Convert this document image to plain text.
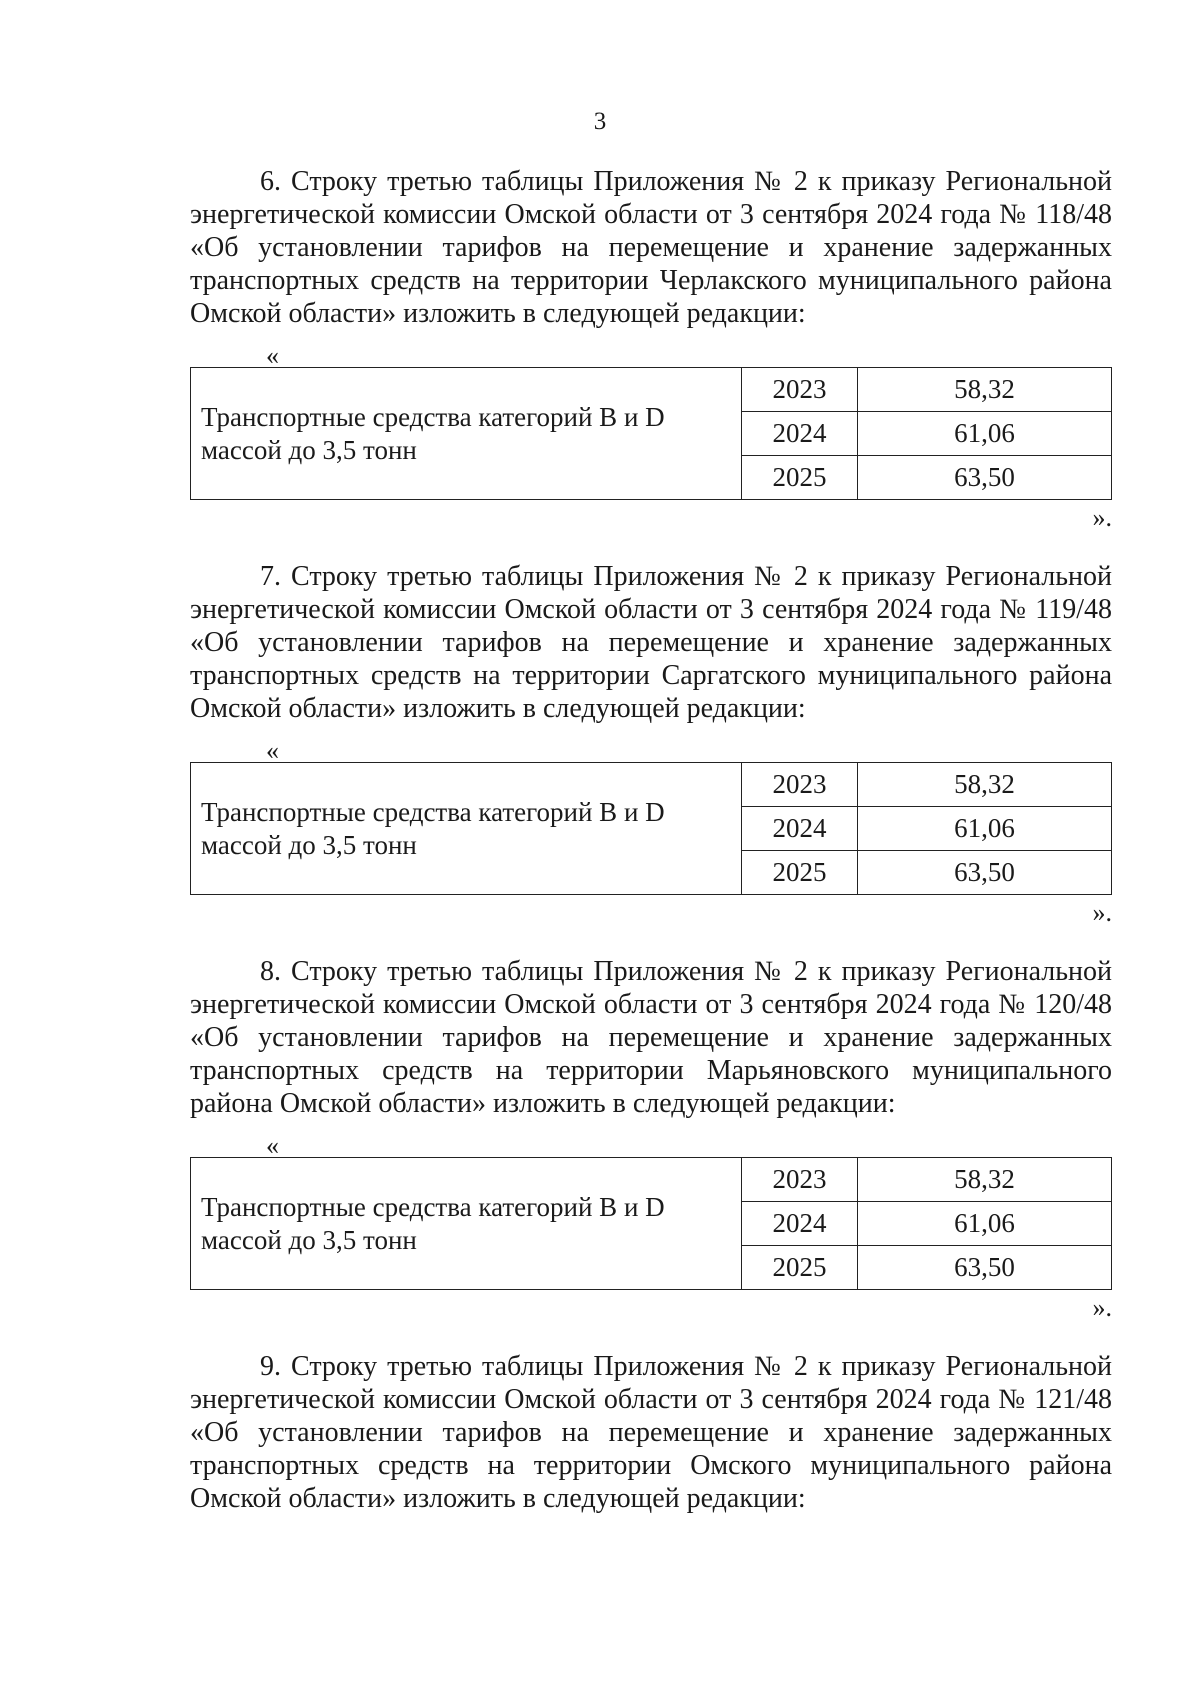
3

6. Строку третью таблицы Приложения № 2 к приказу Региональной энергетической комиссии Омской области от 3 сентября 2024 года № 118/48 «Об установлении тарифов на перемещение и хранение задержанных транспортных средств на территории Черлакского муниципального района Омской области» изложить в следующей редакции:

«
Транспортные средства категорий В и D массой до 3,5 тонн	2023	58,32
	2024	61,06
	2025	63,50
».

7. Строку третью таблицы Приложения № 2 к приказу Региональной энергетической комиссии Омской области от 3 сентября 2024 года № 119/48 «Об установлении тарифов на перемещение и хранение задержанных транспортных средств на территории Саргатского муниципального района Омской области» изложить в следующей редакции:

«
Транспортные средства категорий В и D массой до 3,5 тонн	2023	58,32
	2024	61,06
	2025	63,50
».

8. Строку третью таблицы Приложения № 2 к приказу Региональной энергетической комиссии Омской области от 3 сентября 2024 года № 120/48 «Об установлении тарифов на перемещение и хранение задержанных транспортных средств на территории Марьяновского муниципального района Омской области» изложить в следующей редакции:

«
Транспортные средства категорий В и D массой до 3,5 тонн	2023	58,32
	2024	61,06
	2025	63,50
».

9. Строку третью таблицы Приложения № 2 к приказу Региональной энергетической комиссии Омской области от 3 сентября 2024 года № 121/48 «Об установлении тарифов на перемещение и хранение задержанных транспортных средств на территории Омского муниципального района Омской области» изложить в следующей редакции:
